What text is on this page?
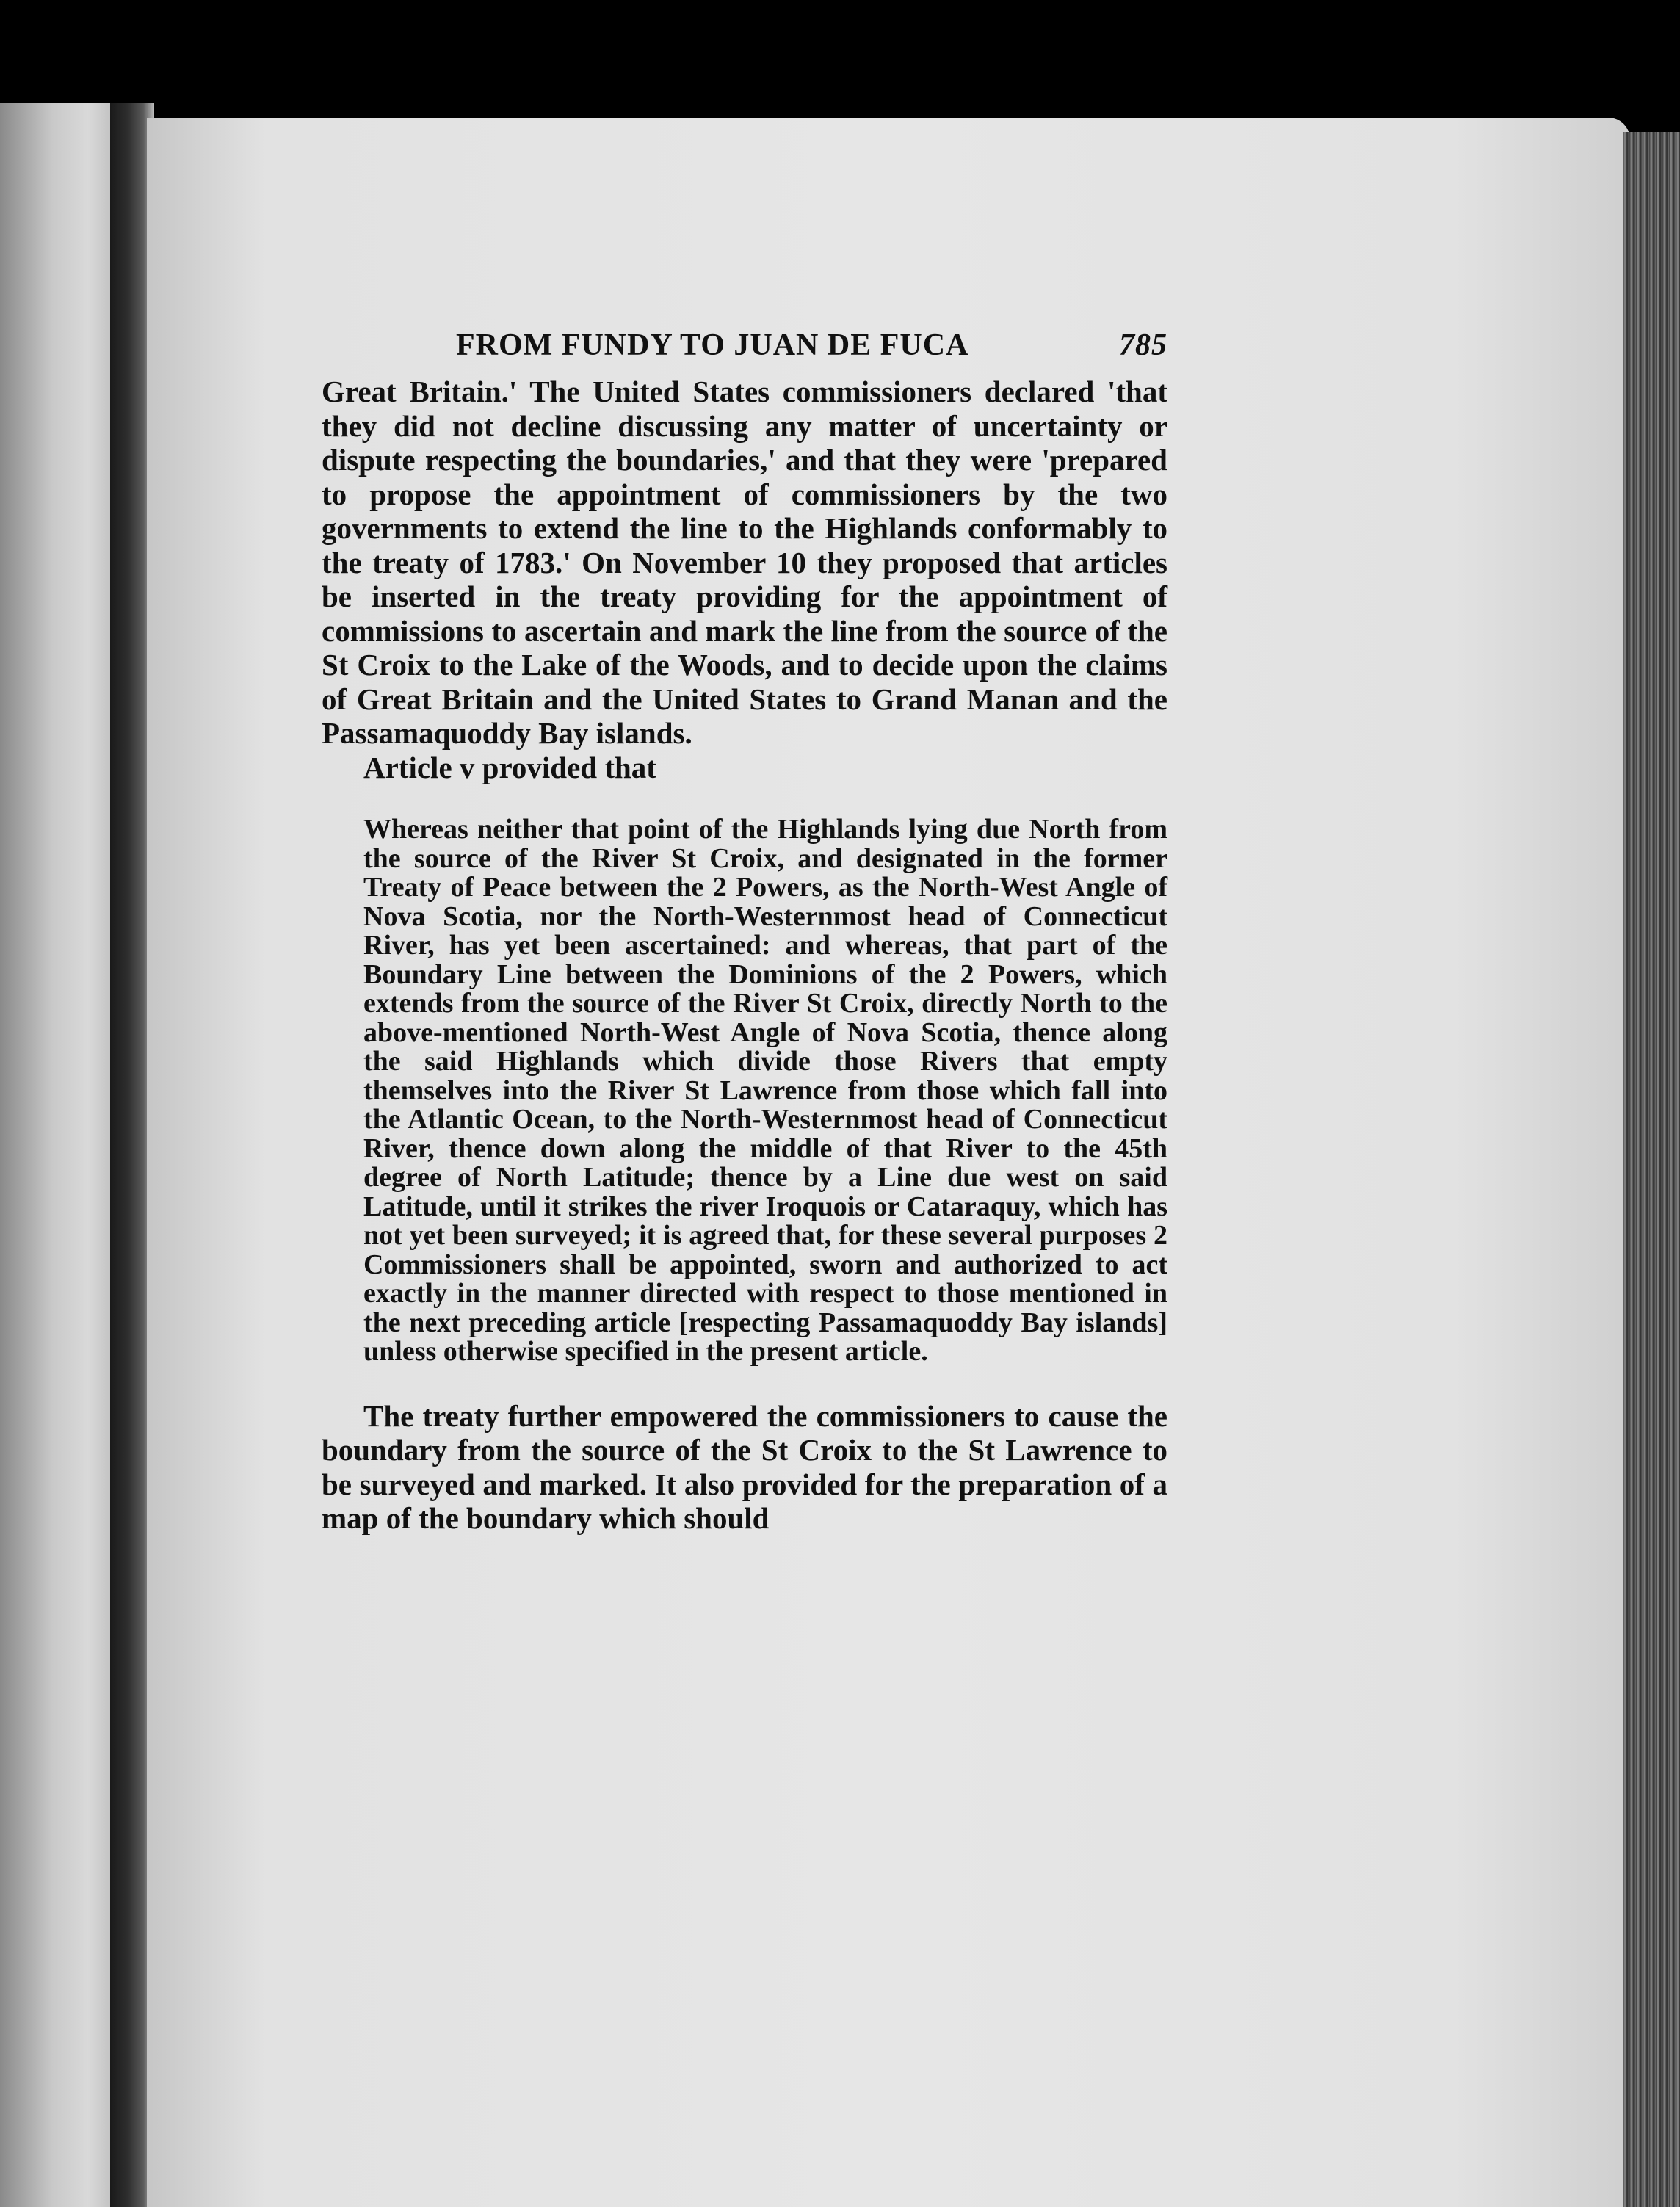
FROM FUNDY TO JUAN DE FUCA	785

Great Britain.' The United States commissioners declared 'that they did not decline discussing any matter of uncertainty or dispute respecting the boundaries,' and that they were 'prepared to propose the appointment of commissioners by the two governments to extend the line to the Highlands conformably to the treaty of 1783.' On November 10 they proposed that articles be inserted in the treaty providing for the appointment of commissions to ascertain and mark the line from the source of the St Croix to the Lake of the Woods, and to decide upon the claims of Great Britain and the United States to Grand Manan and the Passamaquoddy Bay islands.

Article v provided that

Whereas neither that point of the Highlands lying due North from the source of the River St Croix, and designated in the former Treaty of Peace between the 2 Powers, as the North-West Angle of Nova Scotia, nor the North-Westernmost head of Connecticut River, has yet been ascertained: and whereas, that part of the Boundary Line between the Dominions of the 2 Powers, which extends from the source of the River St Croix, directly North to the above-mentioned North-West Angle of Nova Scotia, thence along the said Highlands which divide those Rivers that empty themselves into the River St Lawrence from those which fall into the Atlantic Ocean, to the North-Westernmost head of Connecticut River, thence down along the middle of that River to the 45th degree of North Latitude; thence by a Line due west on said Latitude, until it strikes the river Iroquois or Cataraquy, which has not yet been surveyed; it is agreed that, for these several purposes 2 Commissioners shall be appointed, sworn and authorized to act exactly in the manner directed with respect to those mentioned in the next preceding article [respecting Passamaquoddy Bay islands] unless otherwise specified in the present article.

The treaty further empowered the commissioners to cause the boundary from the source of the St Croix to the St Lawrence to be surveyed and marked. It also provided for the preparation of a map of the boundary which should
